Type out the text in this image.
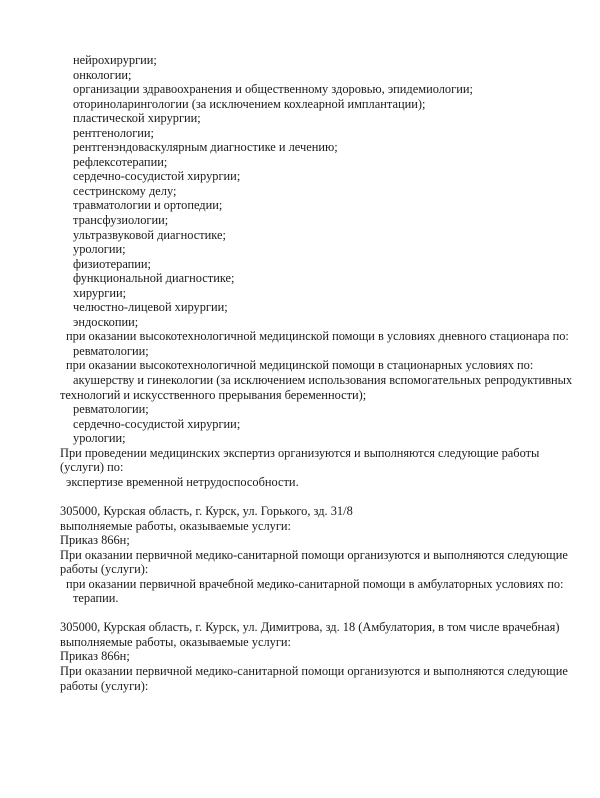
нейрохирургии;
онкологии;
организации здравоохранения и общественному здоровью, эпидемиологии;
оториноларингологии (за исключением кохлеарной имплантации);
пластической хирургии;
рентгенологии;
рентгенэндоваскулярным диагностике и лечению;
рефлексотерапии;
сердечно-сосудистой хирургии;
сестринскому делу;
травматологии и ортопедии;
трансфузиологии;
ультразвуковой диагностике;
урологии;
физиотерапии;
функциональной диагностике;
хирургии;
челюстно-лицевой хирургии;
эндоскопии;
при оказании высокотехнологичной медицинской помощи в условиях дневного стационара по:
ревматологии;
при оказании высокотехнологичной медицинской помощи в стационарных условиях по:
акушерству и гинекологии (за исключением использования вспомогательных репродуктивных
технологий и искусственного прерывания беременности);
ревматологии;
сердечно-сосудистой хирургии;
урологии;
При проведении медицинских экспертиз организуются и выполняются следующие работы
(услуги) по:
экспертизе временной нетрудоспособности.
305000, Курская область, г. Курск, ул. Горького, зд. 31/8
выполняемые работы, оказываемые услуги:
Приказ 866н;
При оказании первичной медико-санитарной помощи организуются и выполняются следующие
работы (услуги):
при оказании первичной врачебной медико-санитарной помощи в амбулаторных условиях по:
терапии.
305000, Курская область, г. Курск, ул. Димитрова, зд. 18 (Амбулатория, в том числе врачебная)
выполняемые работы, оказываемые услуги:
Приказ 866н;
При оказании первичной медико-санитарной помощи организуются и выполняются следующие
работы (услуги):
